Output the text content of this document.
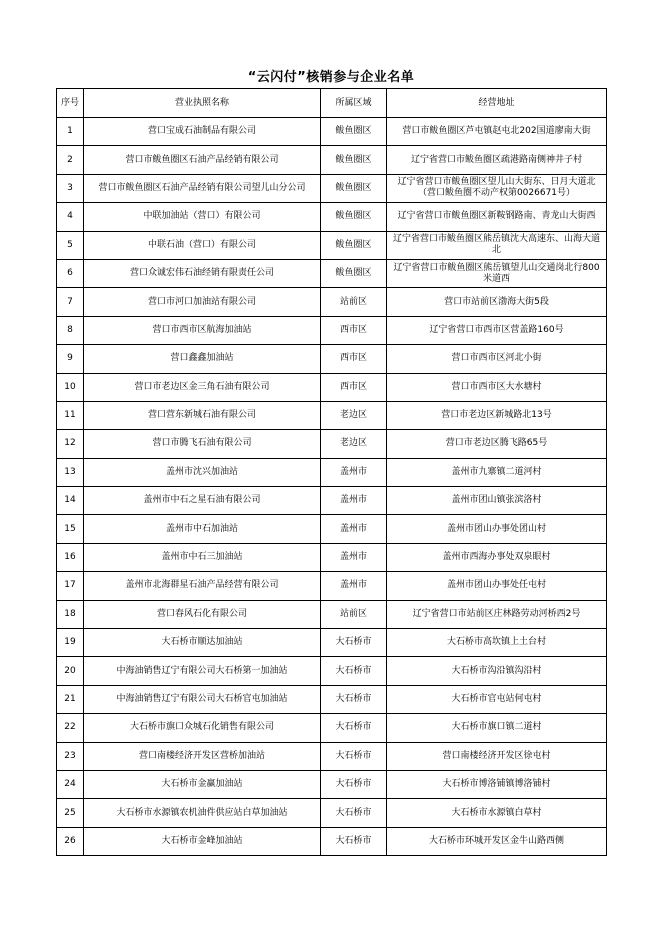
“云闪付”核销参与企业名单
序号	营业执照名称	所属区域	经营地址
1	营口宝成石油制品有限公司	鲅鱼圈区	营口市鲅鱼圈区芦屯镇赵屯北202国道廖南大街
2	营口市鲅鱼圈区石油产品经销有限公司	鲅鱼圈区	辽宁省营口市鲅鱼圈区疏港路南侧神井子村
3	营口市鲅鱼圈区石油产品经销有限公司望儿山分公司	鲅鱼圈区	辽宁省营口市鲅鱼圈区望儿山大街东、日月大道北（营口鲅鱼圈不动产权第0026671号）
4	中联加油站（营口）有限公司	鲅鱼圈区	辽宁省营口市鲅鱼圈区新鞍钢路南、青龙山大街西
5	中联石油（营口）有限公司	鲅鱼圈区	辽宁省营口市鲅鱼圈区熊岳镇沈大高速东、山海大道北
6	营口众诚宏伟石油经销有限责任公司	鲅鱼圈区	辽宁省营口市鲅鱼圈区熊岳镇望儿山交通岗北行800米道西
7	营口市河口加油站有限公司	站前区	营口市站前区渤海大街5段
8	营口市西市区航海加油站	西市区	辽宁省营口市西市区营盖路160号
9	营口鑫鑫加油站	西市区	营口市西市区河北小街
10	营口市老边区金三角石油有限公司	西市区	营口市西市区大水塘村
11	营口营东新城石油有限公司	老边区	营口市老边区新城路北13号
12	营口市腾飞石油有限公司	老边区	营口市老边区腾飞路65号
13	盖州市沈兴加油站	盖州市	盖州市九寨镇二道河村
14	盖州市中石之星石油有限公司	盖州市	盖州市团山镇张滨洛村
15	盖州市中石加油站	盖州市	盖州市团山办事处团山村
16	盖州市中石三加油站	盖州市	盖州市西海办事处双泉眼村
17	盖州市北海群星石油产品经营有限公司	盖州市	盖州市团山办事处任屯村
18	营口春风石化有限公司	站前区	辽宁省营口市站前区庄林路劳动河桥西2号
19	大石桥市顺达加油站	大石桥市	大石桥市高坎镇上土台村
20	中海油销售辽宁有限公司大石桥第一加油站	大石桥市	大石桥市沟沿镇沟沿村
21	中海油销售辽宁有限公司大石桥官屯加油站	大石桥市	大石桥市官屯站何屯村
22	大石桥市旗口众城石化销售有限公司	大石桥市	大石桥市旗口镇二道村
23	营口南楼经济开发区营桥加油站	大石桥市	营口南楼经济开发区徐屯村
24	大石桥市金赢加油站	大石桥市	大石桥市博洛铺镇博洛铺村
25	大石桥市水源镇农机油件供应站白草加油站	大石桥市	大石桥市水源镇白草村
26	大石桥市金峰加油站	大石桥市	大石桥市环城开发区金牛山路西侧
